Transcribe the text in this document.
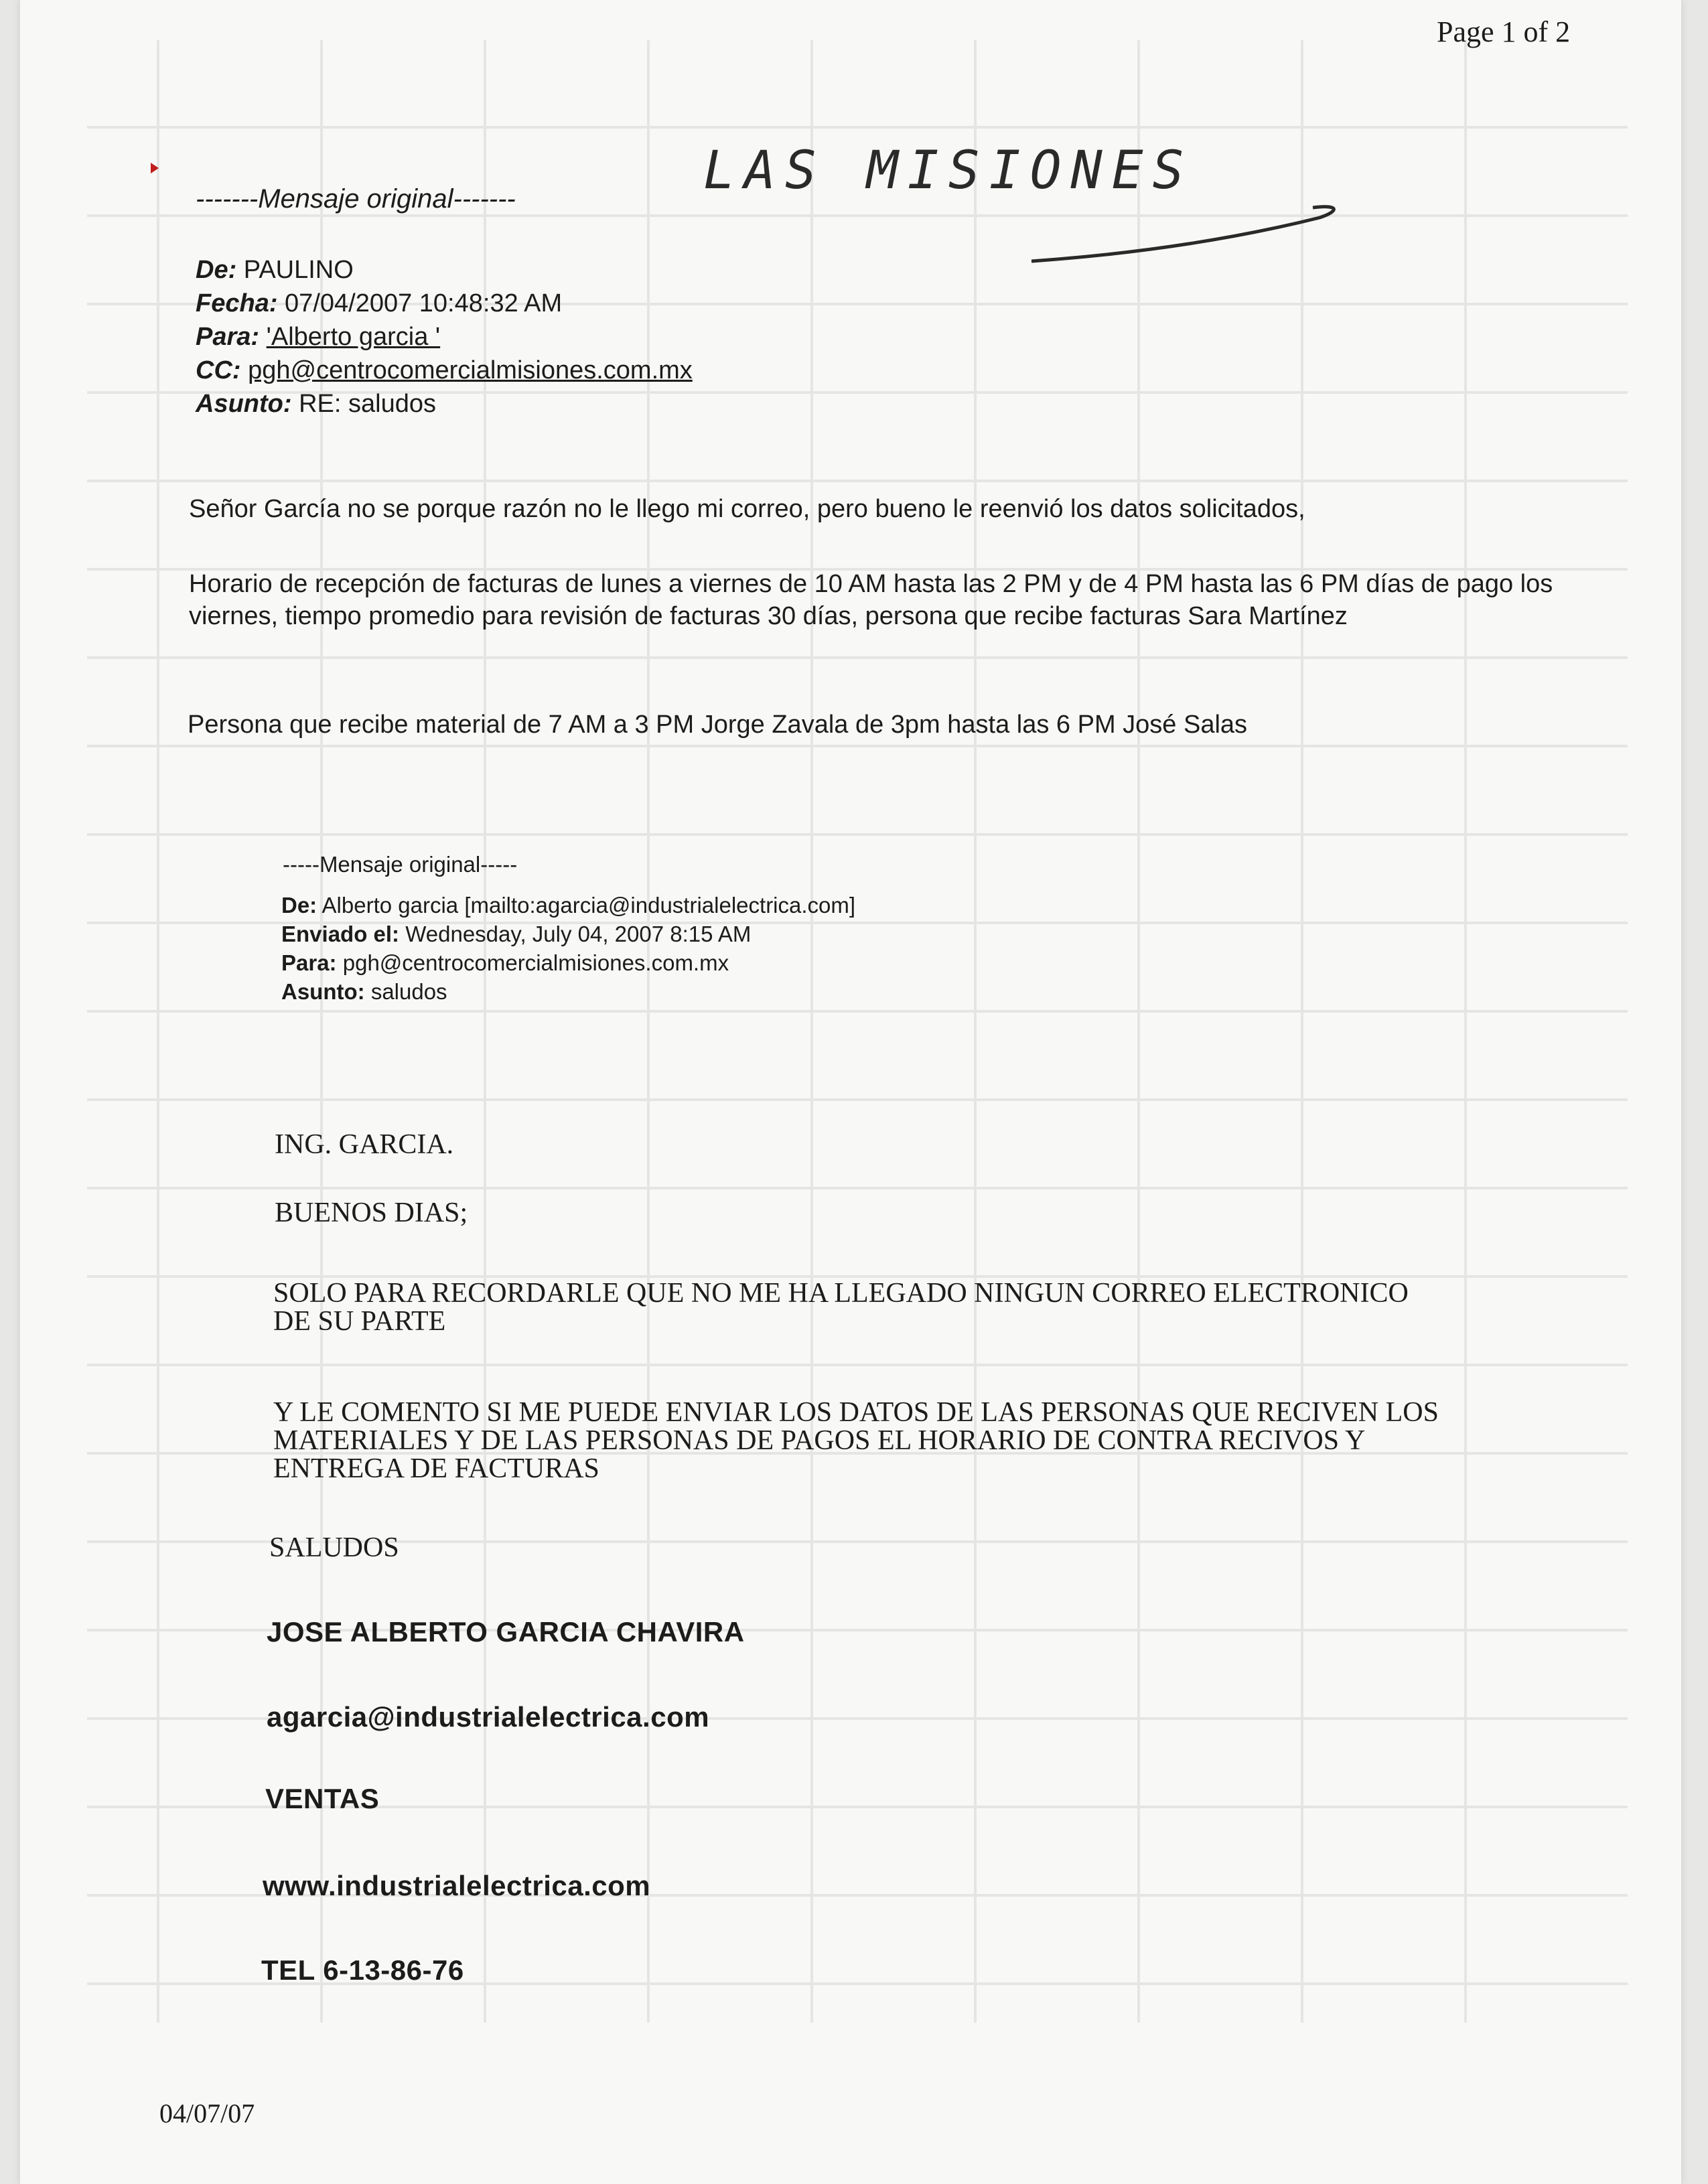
Page 1 of 2
LAS MISIONES
-------Mensaje original-------
De: PAULINO
Fecha: 07/04/2007 10:48:32 AM
Para: 'Alberto garcia '
CC: pgh@centrocomercialmisiones.com.mx
Asunto: RE: saludos
Señor García no se porque razón no le llego mi correo, pero bueno le reenvió los datos solicitados,
Horario de recepción de facturas de lunes a viernes de 10 AM hasta las 2 PM y de 4 PM hasta las 6 PM días de pago los viernes, tiempo promedio para revisión de facturas 30 días, persona que recibe facturas Sara Martínez
Persona que recibe material de 7 AM a 3 PM Jorge Zavala de 3pm hasta las 6 PM José Salas
-----Mensaje original-----
De: Alberto garcia [mailto:agarcia@industrialelectrica.com]
Enviado el: Wednesday, July 04, 2007 8:15 AM
Para: pgh@centrocomercialmisiones.com.mx
Asunto: saludos
ING. GARCIA.
BUENOS DIAS;
SOLO PARA RECORDARLE QUE NO ME HA LLEGADO NINGUN CORREO ELECTRONICO DE SU PARTE
Y LE COMENTO SI ME PUEDE ENVIAR LOS DATOS DE LAS PERSONAS QUE RECIVEN LOS MATERIALES Y DE LAS PERSONAS DE PAGOS EL HORARIO DE CONTRA RECIVOS Y ENTREGA DE FACTURAS
SALUDOS
JOSE ALBERTO GARCIA CHAVIRA
agarcia@industrialelectrica.com
VENTAS
www.industrialelectrica.com
TEL 6-13-86-76
04/07/07
